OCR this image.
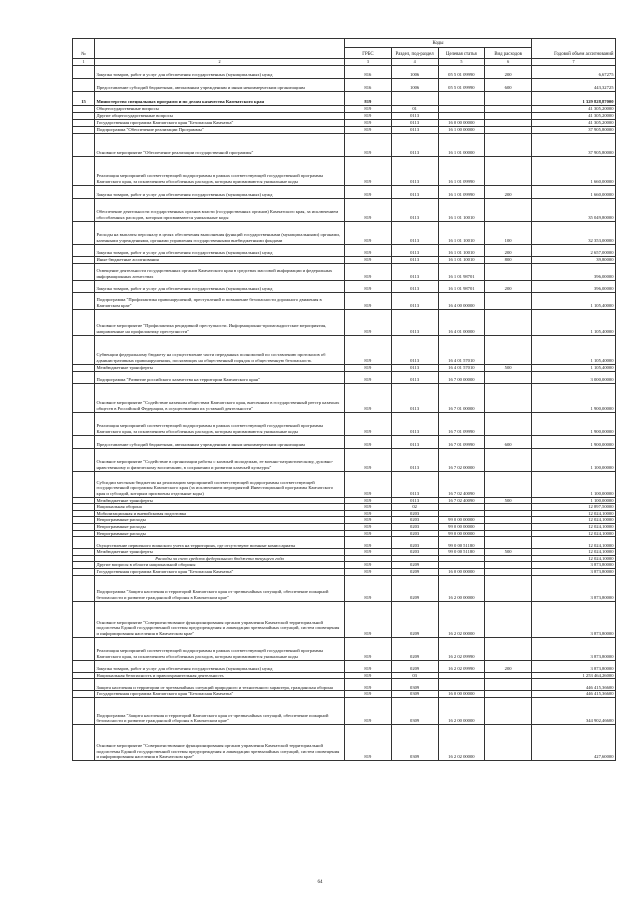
№		Коды				Годовой объем ассигнований
		ГРБС	Раздел, под-раздел	Целевая статья	Вид расходов	
1	2	3	4	5	6	7
	Закупка товаров, работ и услуг для обеспечения государственных (муниципальных) нужд	816	1006	05 5 01 09990	200	6,67275
	Предоставление субсидий бюджетным, автономным учреждениям и иным некоммерческим организациям	816	1006	05 5 01 09990	600	443,32725
15	Министерство специальных программ и по делам казачества Камчатского края	819				1 329 828,87000
	Общегосударственные вопросы	819	01			41 305,20000
	Другие общегосударственные вопросы	819	0113			41 305,20000
	Государственная программа Камчатского края "Безопасная Камчатка"	819	0113	16 0 00 00000		41 305,20000
	Подпрограмма "Обеспечение реализации Программы"	819	0113	16 1 00 00000		37 905,80000
	Основное мероприятие "Обеспечение реализации государственной программы"	819	0113	16 1 01 00000		37 905,80000
	Реализация мероприятий соответствующей подпрограммы в рамках соответствующей государственной программы Камчатского края, за исключением обособленных расходов, которым присваиваются уникальные коды	819	0113	16 1 01 09990		1 660,00000
	Закупка товаров, работ и услуг для обеспечения государственных (муниципальных) нужд	819	0113	16 1 01 09990	200	1 660,00000
	Обеспечение деятельности государственных органов власти (государственных органов) Камчатского края, за исключением обособленных расходов, которым присваиваются уникальные коды	819	0113	16 1 01 10010		35 049,80000
	Расходы на выплаты персоналу в целях обеспечения выполнения функций государственными (муниципальными) органами, казенными учреждениями, органами управления государственными внебюджетными фондами	819	0113	16 1 01 10010	100	32 353,00000
	Закупка товаров, работ и услуг для обеспечения государственных (муниципальных) нужд	819	0113	16 1 01 10010	200	2 657,00000
	Иные бюджетные ассигнования	819	0113	16 1 01 10010	800	39,80000
	Освещение деятельности государственных органов Камчатского края в средствах массовой информации и федеральных информационных агентствах	819	0113	16 1 01 98701		396,00000
	Закупка товаров, работ и услуг для обеспечения государственных (муниципальных) нужд	819	0113	16 1 01 98701	200	396,00000
	Подпрограмма "Профилактика правонарушений, преступлений и повышение безопасности дорожного движения в Камчатском крае"	819	0113	16 4 00 00000		1 105,40000
	Основное мероприятие "Профилактика рецидивной преступности. Информационно-пропагандистские мероприятия, направленные на профилактику преступности"	819	0113	16 4 01 00000		1 105,40000
	Субвенции федеральному бюджету на осуществление части переданных полномочий по составлению протоколов об административных правонарушениях, посягающих на общественный порядок и общественную безопасность	819	0113	16 4 01 57010		1 105,40000
	Межбюджетные трансферты	819	0113	16 4 01 57010	500	1 105,40000
	Подпрограмма "Развитие российского казачества на территории Камчатского края"	819	0113	16 7 00 00000		3 000,00000
	Основное мероприятие "Содействие казачьим обществам Камчатского края, внесенным в государственный реестр казачьих обществ в Российской Федерации, в осуществлении их уставной деятельности"	819	0113	16 7 01 00000		1 900,00000
	Реализация мероприятий соответствующей подпрограммы в рамках соответствующей государственной программы Камчатского края, за исключением обособленных расходов, которым присваиваются уникальные коды	819	0113	16 7 01 09990		1 900,00000
	Предоставление субсидий бюджетным, автономным учреждениям и иным некоммерческим организациям	819	0113	16 7 01 09990	600	1 900,00000
	Основное мероприятие "Содействие в организации работы с казачьей молодежью, ее военно-патриотическому, духовно-нравственному и физическому воспитанию, в сохранении и развитии казачьей культуры"	819	0113	16 7 02 00000		1 100,00000
	Субсидии местным бюджетам на реализацию мероприятий соответствующей подпрограммы соответствующей государственной программы Камчатского края (за исключением мероприятий Инвестиционной программы Камчатского края и субсидий, которым присвоены отдельные коды)	819	0113	16 7 02 40090		1 100,00000
	Межбюджетные трансферты	819	0113	16 7 02 40090	500	1 100,00000
	Национальная оборона	819	02			12 897,50000
	Мобилизационная и вневойсковая подготовка	819	0203			12 024,10000
	Непрограммные расходы	819	0203	99 0 00 00000		12 024,10000
	Непрограммные расходы	819	0203	99 0 00 00000		12 024,10000
	Непрограммные расходы	819	0203	99 0 00 00000		12 024,10000
	Осуществление первичного воинского учета на территориях, где отсутствуют военные комиссариаты	819	0203	99 0 00 51180		12 024,10000
	Межбюджетные трансферты	819	0203	99 0 00 51180	500	12 024,10000
	Расходы за счет средств федерального бюджета текущего года					12 024,10000
	Другие вопросы в области национальной обороны	819	0209			3 873,80000
	Государственная программа Камчатского края "Безопасная Камчатка"	819	0209	16 0 00 00000		3 873,80000
	Подпрограмма "Защита населения и территорий Камчатского края от чрезвычайных ситуаций, обеспечение пожарной безопасности и развитие гражданской обороны в Камчатском крае"	819	0209	16 2 00 00000		3 873,80000
	Основное мероприятие "Совершенствование функционирования органов управления Камчатской территориальной подсистемы Единой государственной системы предупреждения и ликвидации чрезвычайных ситуаций, систем оповещения и информирования населения в Камчатском крае"	819	0209	16 2 02 00000		3 873,80000
	Реализация мероприятий соответствующей подпрограммы в рамках соответствующей государственной программы Камчатского края, за исключением обособленных расходов, которым присваиваются уникальные коды	819	0209	16 2 02 09990		3 873,80000
	Закупка товаров, работ и услуг для обеспечения государственных (муниципальных) нужд	819	0209	16 2 02 09990	200	3 873,80000
	Национальная безопасность и правоохранительная деятельность	819	03			1 253 464,26000
	Защита населения и территории от чрезвычайных ситуаций природного и техногенного характера, гражданская оборона	819	0309			446 415,36600
	Государственная программа Камчатского края "Безопасная Камчатка"	819	0309	16 0 00 00000		446 415,36600
	Подпрограмма "Защита населения и территорий Камчатского края от чрезвычайных ситуаций, обеспечение пожарной безопасности и развитие гражданской обороны в Камчатском крае"	819	0309	16 2 00 00000		344 902,46600
	Основное мероприятие "Совершенствование функционирования органов управления Камчатской территориальной подсистемы Единой государственной системы предупреждения и ликвидации чрезвычайных ситуаций, систем оповещения и информирования населения в Камчатском крае"	819	0309	16 2 02 00000		427,60000
64
